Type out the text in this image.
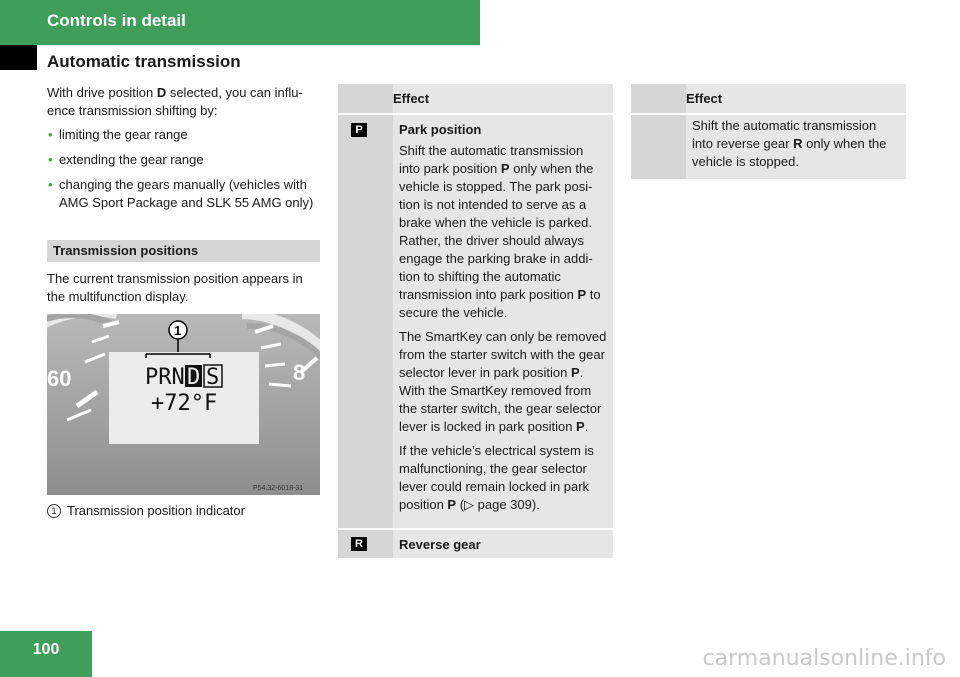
Controls in detail
Automatic transmission

With drive position D selected, you can influ-ence transmission shifting by:

• limiting the gear range
• extending the gear range
• changing the gears manually (vehicles with AMG Sport Package and SLK 55 AMG only)
Transmission positions
The current transmission position appears in the multifunction display.
60	8
1
PRN D S
+72°F
P54.32-6018-31
1 Transmission position indicator
	Effect

P	Park position

Shift the automatic transmission into park position P only when the vehicle is stopped. The park posi-tion is not intended to serve as a brake when the vehicle is parked. Rather, the driver should always engage the parking brake in addi-tion to shifting the automatic transmission into park position P to secure the vehicle.

The SmartKey can only be removed from the starter switch with the gear selector lever in park position P. With the SmartKey removed from the starter switch, the gear selector lever is locked in park position P.

If the vehicle’s electrical system is malfunctioning, the gear selector lever could remain locked in park position P (▷ page 309).

R	Reverse gear
	Effect

	Shift the automatic transmission into reverse gear R only when the vehicle is stopped.
100	carmanualsonline.info
